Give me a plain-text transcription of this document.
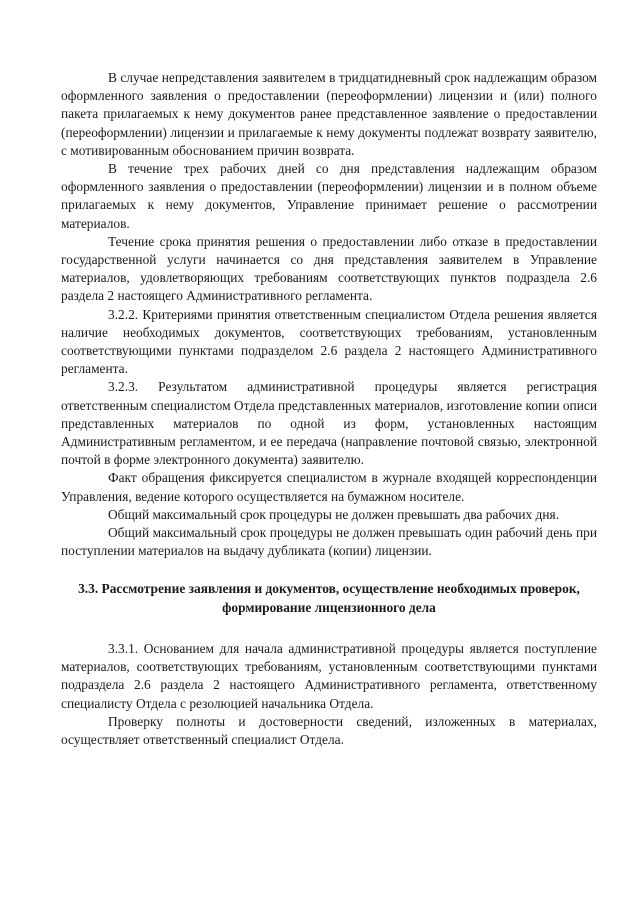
В случае непредставления заявителем в тридцатидневный срок надлежащим образом оформленного заявления о предоставлении (переоформлении) лицензии и (или) полного пакета прилагаемых к нему документов ранее представленное заявление о предоставлении (переоформлении) лицензии и прилагаемые к нему документы подлежат возврату заявителю, с мотивированным обоснованием причин возврата.

В течение трех рабочих дней со дня представления надлежащим образом оформленного заявления о предоставлении (переоформлении) лицензии и в полном объеме прилагаемых к нему документов, Управление принимает решение о рассмотрении материалов.

Течение срока принятия решения о предоставлении либо отказе в предоставлении государственной услуги начинается со дня представления заявителем в Управление материалов, удовлетворяющих требованиям соответствующих пунктов подраздела 2.6 раздела 2 настоящего Административного регламента.

3.2.2. Критериями принятия ответственным специалистом Отдела решения является наличие необходимых документов, соответствующих требованиям, установленным соответствующими пунктами подразделом 2.6 раздела 2 настоящего Административного регламента.

3.2.3. Результатом административной процедуры является регистрация ответственным специалистом Отдела представленных материалов, изготовление копии описи представленных материалов по одной из форм, установленных настоящим Административным регламентом, и ее передача (направление почтовой связью, электронной почтой в форме электронного документа) заявителю.

Факт обращения фиксируется специалистом в журнале входящей корреспонденции Управления, ведение которого осуществляется на бумажном носителе.

Общий максимальный срок процедуры не должен превышать два рабочих дня.

Общий максимальный срок процедуры не должен превышать один рабочий день при поступлении материалов на выдачу дубликата (копии) лицензии.

3.3. Рассмотрение заявления и документов, осуществление необходимых проверок, формирование лицензионного дела

3.3.1. Основанием для начала административной процедуры является поступление материалов, соответствующих требованиям, установленным соответствующими пунктами подраздела 2.6 раздела 2 настоящего Административного регламента, ответственному специалисту Отдела с резолюцией начальника Отдела.

Проверку полноты и достоверности сведений, изложенных в материалах, осуществляет ответственный специалист Отдела.
